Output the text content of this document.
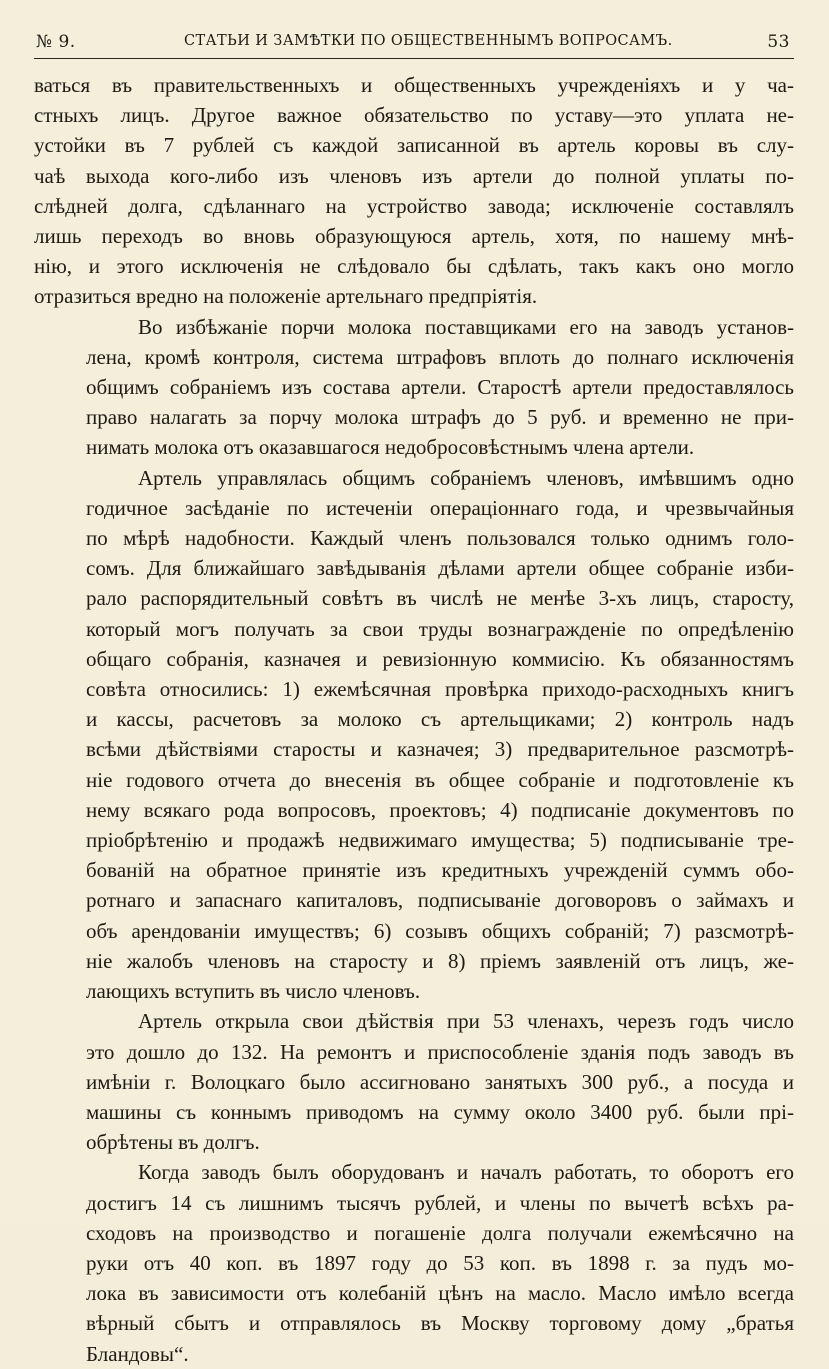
№ 9.	СТАТЬИ И ЗАМѢТКИ ПО ОБЩЕСТВЕННЫМЪ ВОПРОСАМЪ.	53

ваться въ правительственныхъ и общественныхъ учрежденіяхъ и у ча-
стныхъ лицъ. Другое важное обязательство по уставу—это уплата не-
устойки въ 7 рублей съ каждой записанной въ артель коровы въ слу-
чаѣ выхода кого-либо изъ членовъ изъ артели до полной уплаты по-
слѣдней долга, сдѣланнаго на устройство завода; исключеніе составлялъ
лишь переходъ во вновь образующуюся артель, хотя, по нашему мнѣ-
нію, и этого исключенія не слѣдовало бы сдѣлать, такъ какъ оно могло
отразиться вредно на положеніе артельнаго предпріятія.

Во избѣжаніе порчи молока поставщиками его на заводъ установ-
лена, кромѣ контроля, система штрафовъ вплоть до полнаго исключенія
общимъ собраніемъ изъ состава артели. Старостѣ артели предоставлялось
право налагать за порчу молока штрафъ до 5 руб. и временно не при-
нимать молока отъ оказавшагося недобросовѣстнымъ члена артели.

Артель управлялась общимъ собраніемъ членовъ, имѣвшимъ одно
годичное засѣданіе по истеченіи операціоннаго года, и чрезвычайныя
по мѣрѣ надобности. Каждый членъ пользовался только однимъ голо-
сомъ. Для ближайшаго завѣдыванія дѣлами артели общее собраніе изби-
рало распорядительный совѣтъ въ числѣ не менѣе 3-хъ лицъ, старосту,
который могъ получать за свои труды вознагражденіе по опредѣленію
общаго собранія, казначея и ревизіонную коммисію. Къ обязанностямъ
совѣта относились: 1) ежемѣсячная провѣрка приходо-расходныхъ книгъ
и кассы, расчетовъ за молоко съ артельщиками; 2) контроль надъ
всѣми дѣйствіями старосты и казначея; 3) предварительное разсмотрѣ-
ніе годового отчета до внесенія въ общее собраніе и подготовленіе къ
нему всякаго рода вопросовъ, проектовъ; 4) подписаніе документовъ по
пріобрѣтенію и продажѣ недвижимаго имущества; 5) подписываніе тре-
бованій на обратное принятіе изъ кредитныхъ учрежденій суммъ обо-
ротнаго и запаснаго капиталовъ, подписываніе договоровъ о займахъ и
объ арендованіи имуществъ; 6) созывъ общихъ собраній; 7) разсмотрѣ-
ніе жалобъ членовъ на старосту и 8) пріемъ заявленій отъ лицъ, же-
лающихъ вступить въ число членовъ.

Артель открыла свои дѣйствія при 53 членахъ, черезъ годъ число
это дошло до 132. На ремонтъ и приспособленіе зданія подъ заводъ въ
имѣніи г. Волоцкаго было ассигновано занятыхъ 300 руб., а посуда и
машины съ коннымъ приводомъ на сумму около 3400 руб. были прі-
обрѣтены въ долгъ.

Когда заводъ былъ оборудованъ и началъ работать, то оборотъ его
достигъ 14 съ лишнимъ тысячъ рублей, и члены по вычетѣ всѣхъ ра-
сходовъ на производство и погашеніе долга получали ежемѣсячно на
руки отъ 40 коп. въ 1897 году до 53 коп. въ 1898 г. за пудъ мо-
лока въ зависимости отъ колебаній цѣнъ на масло. Масло имѣло всегда
вѣрный сбытъ и отправлялось въ Москву торговому дому „братья
Бландовы“.
